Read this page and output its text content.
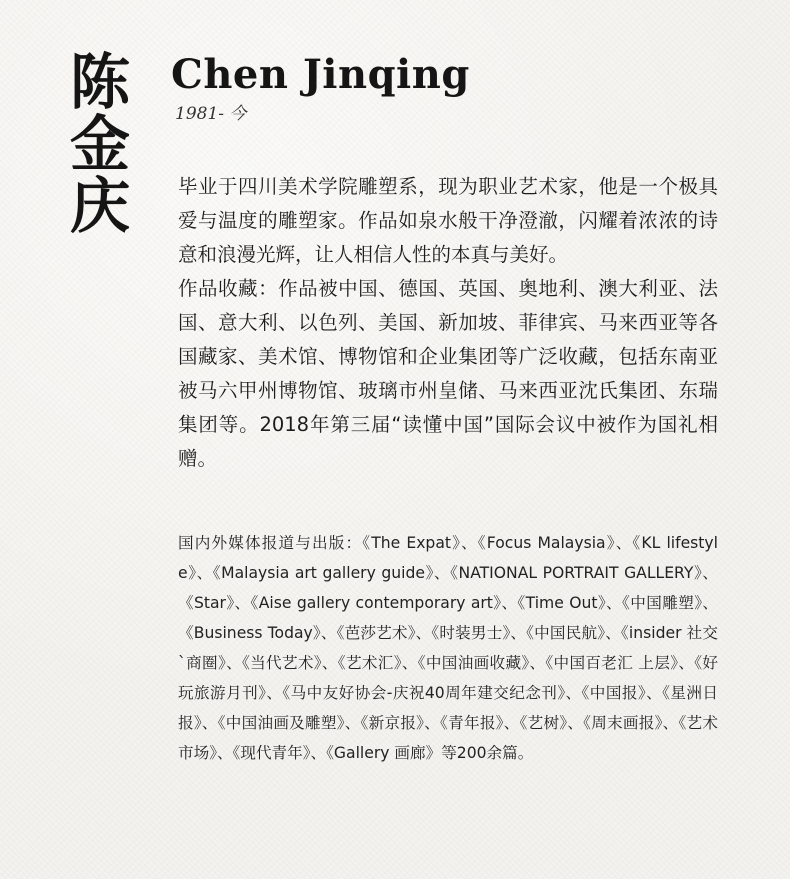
陈金庆
Chen Jinqing
1981- 今

毕业于四川美术学院雕塑系，现为职业艺术家，他是一个极具爱与温度的雕塑家。作品如泉水般干净澄澈，闪耀着浓浓的诗意和浪漫光辉，让人相信人性的本真与美好。

作品收藏：作品被中国、德国、英国、奥地利、澳大利亚、法国、意大利、以色列、美国、新加坡、菲律宾、马来西亚等各国藏家、美术馆、博物馆和企业集团等广泛收藏，包括东南亚被马六甲州博物馆、玻璃市州皇储、马来西亚沈氏集团、东瑞集团等。2018年第三届“读懂中国”国际会议中被作为国礼相赠。

国内外媒体报道与出版：《The Expat》、《Focus Malaysia》、《KL lifestyle》、《Malaysia art gallery guide》、《NATIONAL PORTRAIT GALLERY》、《Star》、《Aise gallery contemporary art》、《Time Out》、《中国雕塑》、《Business Today》、《芭莎艺术》、《时装男士》、《中国民航》、《insider 社交`商圈》、《当代艺术》、《艺术汇》、《中国油画收藏》、《中国百老汇 上层》、《好玩旅游月刊》、《马中友好协会-庆祝40周年建交纪念刊》、《中国报》、《星洲日报》、《中国油画及雕塑》、《新京报》、《青年报》、《艺树》、《周末画报》、《艺术市场》、《现代青年》、《Gallery 画廊》等200余篇。
